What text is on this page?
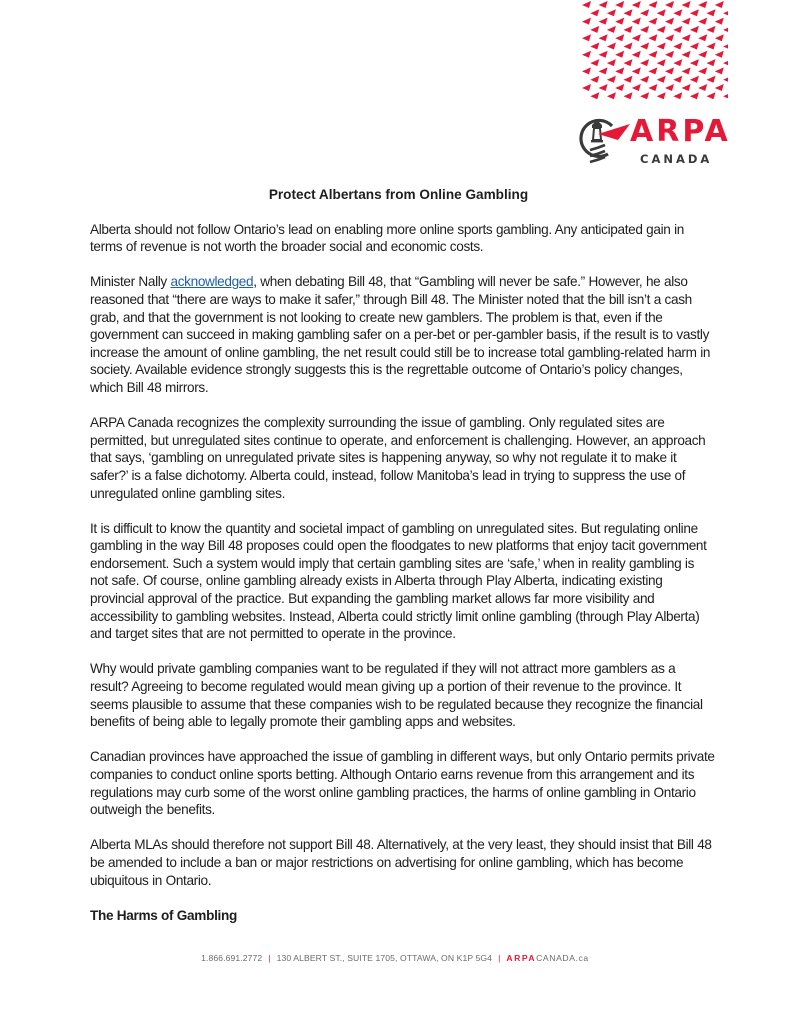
ARPA
CANADA
Protect Albertans from Online Gambling

Alberta should not follow Ontario’s lead on enabling more online sports gambling. Any anticipated gain in terms of revenue is not worth the broader social and economic costs.

Minister Nally acknowledged, when debating Bill 48, that “Gambling will never be safe.” However, he also reasoned that “there are ways to make it safer,” through Bill 48. The Minister noted that the bill isn’t a cash grab, and that the government is not looking to create new gamblers. The problem is that, even if the government can succeed in making gambling safer on a per-bet or per-gambler basis, if the result is to vastly increase the amount of online gambling, the net result could still be to increase total gambling-related harm in society. Available evidence strongly suggests this is the regrettable outcome of Ontario’s policy changes, which Bill 48 mirrors.

ARPA Canada recognizes the complexity surrounding the issue of gambling. Only regulated sites are permitted, but unregulated sites continue to operate, and enforcement is challenging. However, an approach that says, ‘gambling on unregulated private sites is happening anyway, so why not regulate it to make it safer?’ is a false dichotomy. Alberta could, instead, follow Manitoba’s lead in trying to suppress the use of unregulated online gambling sites.

It is difficult to know the quantity and societal impact of gambling on unregulated sites. But regulating online gambling in the way Bill 48 proposes could open the floodgates to new platforms that enjoy tacit government endorsement. Such a system would imply that certain gambling sites are ‘safe,’ when in reality gambling is not safe. Of course, online gambling already exists in Alberta through Play Alberta, indicating existing provincial approval of the practice. But expanding the gambling market allows far more visibility and accessibility to gambling websites. Instead, Alberta could strictly limit online gambling (through Play Alberta) and target sites that are not permitted to operate in the province.

Why would private gambling companies want to be regulated if they will not attract more gamblers as a result? Agreeing to become regulated would mean giving up a portion of their revenue to the province. It seems plausible to assume that these companies wish to be regulated because they recognize the financial benefits of being able to legally promote their gambling apps and websites.

Canadian provinces have approached the issue of gambling in different ways, but only Ontario permits private companies to conduct online sports betting. Although Ontario earns revenue from this arrangement and its regulations may curb some of the worst online gambling practices, the harms of online gambling in Ontario outweigh the benefits.

Alberta MLAs should therefore not support Bill 48. Alternatively, at the very least, they should insist that Bill 48 be amended to include a ban or major restrictions on advertising for online gambling, which has become ubiquitous in Ontario.

The Harms of Gambling
1.866.691.2772 | 130 ALBERT ST., SUITE 1705, OTTAWA, ON K1P 5G4 | ARPACANADA.ca
